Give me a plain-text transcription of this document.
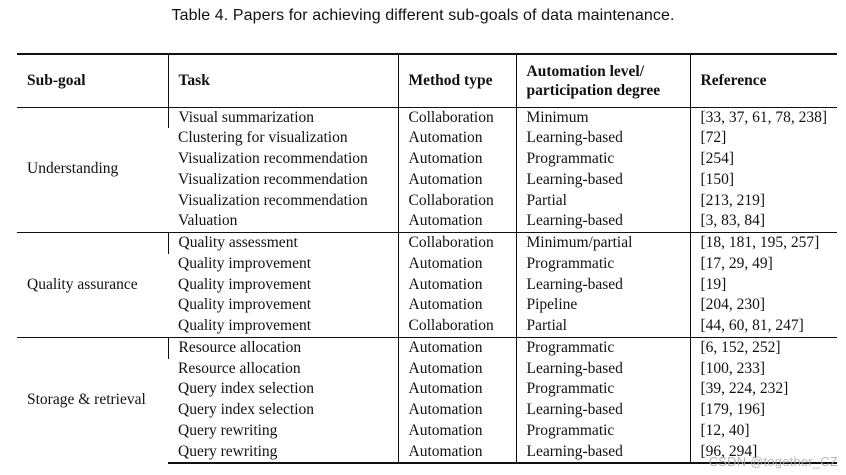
Table 4. Papers for achieving different sub-goals of data maintenance.
Sub-goal	Task	Method type	Automation level/
participation degree	Reference
Understanding	Visual summarization	Collaboration	Minimum	[33, 37, 61, 78, 238]
	Clustering for visualization	Automation	Learning-based	[72]
	Visualization recommendation	Automation	Programmatic	[254]
	Visualization recommendation	Automation	Learning-based	[150]
	Visualization recommendation	Collaboration	Partial	[213, 219]
	Valuation	Automation	Learning-based	[3, 83, 84]
Quality assurance	Quality assessment	Collaboration	Minimum/partial	[18, 181, 195, 257]
	Quality improvement	Automation	Programmatic	[17, 29, 49]
	Quality improvement	Automation	Learning-based	[19]
	Quality improvement	Automation	Pipeline	[204, 230]
	Quality improvement	Collaboration	Partial	[44, 60, 81, 247]
Storage & retrieval	Resource allocation	Automation	Programmatic	[6, 152, 252]
	Resource allocation	Automation	Learning-based	[100, 233]
	Query index selection	Automation	Programmatic	[39, 224, 232]
	Query index selection	Automation	Learning-based	[179, 196]
	Query rewriting	Automation	Programmatic	[12, 40]
	Query rewriting	Automation	Learning-based	[96, 294]
CSDN @together_CZ
